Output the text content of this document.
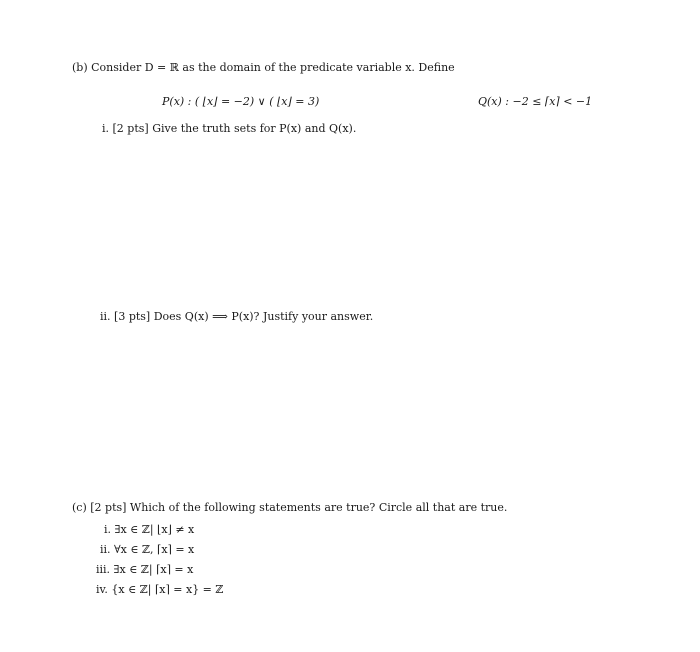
(b) Consider D = ℝ as the domain of the predicate variable x. Define
P(x) : ( ⌊x⌋ = −2) ∨ ( ⌊x⌋ = 3)	Q(x) : −2 ≤ ⌈x⌉ < −1
i. [2 pts] Give the truth sets for P(x) and Q(x).
ii. [3 pts] Does Q(x) ⟹ P(x)? Justify your answer.
(c) [2 pts] Which of the following statements are true? Circle all that are true.
i. ∃x ∈ ℤ| ⌊x⌋ ≠ x
ii. ∀x ∈ ℤ, ⌈x⌉ = x
iii. ∃x ∈ ℤ| ⌈x⌉ = x
iv. {x ∈ ℤ| ⌈x⌉ = x} = ℤ
